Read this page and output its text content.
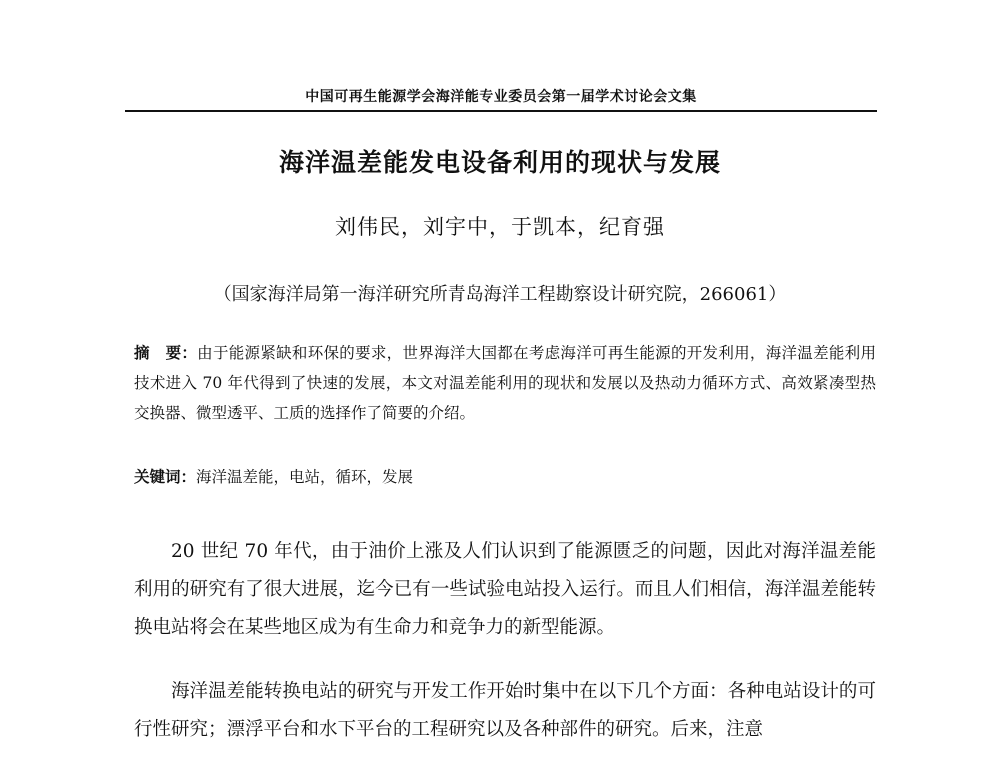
中国可再生能源学会海洋能专业委员会第一届学术讨论会文集

海洋温差能发电设备利用的现状与发展

刘伟民，刘宇中，于凯本，纪育强

（国家海洋局第一海洋研究所青岛海洋工程勘察设计研究院，266061）

摘　要：由于能源紧缺和环保的要求，世界海洋大国都在考虑海洋可再生能源的开发利用，海洋温差能利用技术进入 70 年代得到了快速的发展，本文对温差能利用的现状和发展以及热动力循环方式、高效紧凑型热交换器、微型透平、工质的选择作了简要的介绍。

关键词：海洋温差能，电站，循环，发展

20 世纪 70 年代，由于油价上涨及人们认识到了能源匮乏的问题，因此对海洋温差能利用的研究有了很大进展，迄今已有一些试验电站投入运行。而且人们相信，海洋温差能转换电站将会在某些地区成为有生命力和竞争力的新型能源。

海洋温差能转换电站的研究与开发工作开始时集中在以下几个方面：各种电站设计的可行性研究；漂浮平台和水下平台的工程研究以及各种部件的研究。后来，注意
